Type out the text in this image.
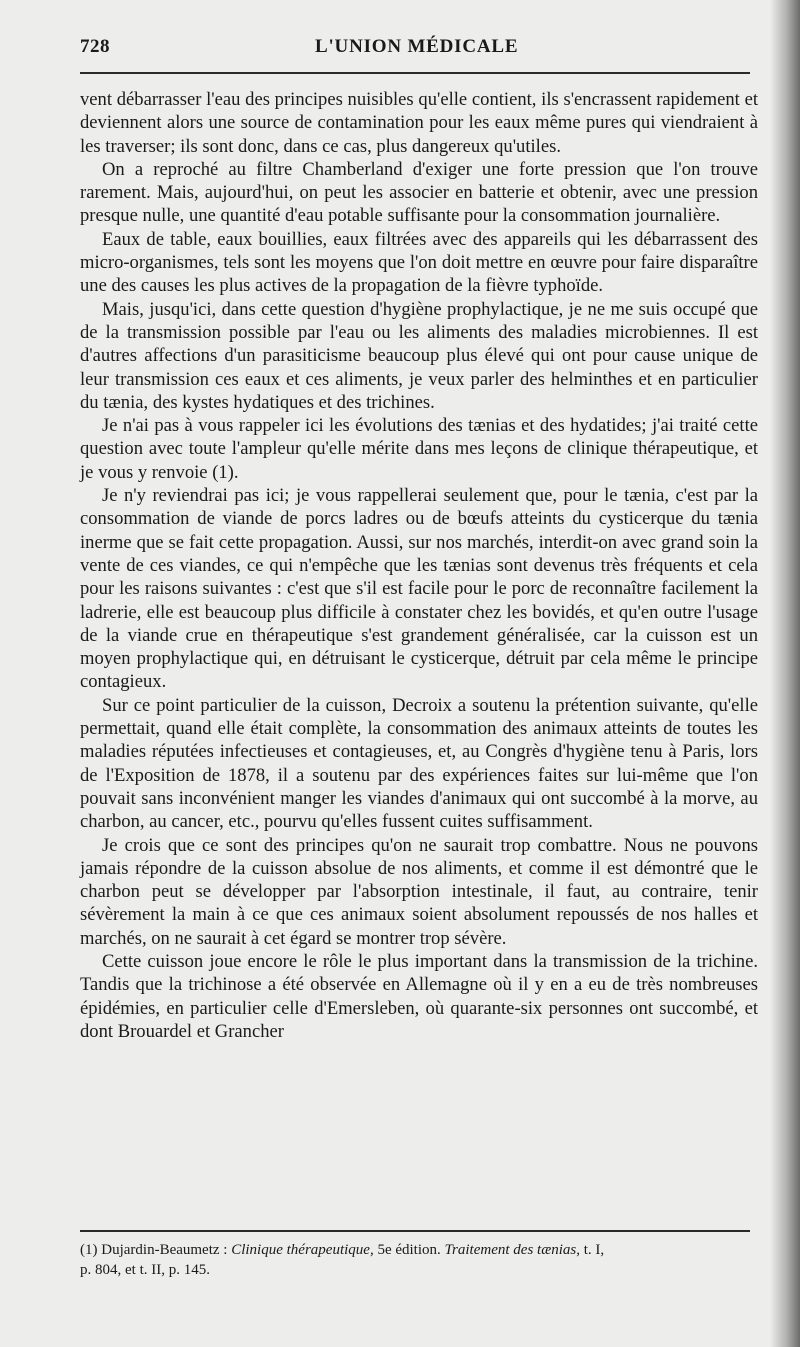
728	L'UNION MÉDICALE

vent débarrasser l'eau des principes nuisibles qu'elle contient, ils s'encrassent rapidement et deviennent alors une source de contamination pour les eaux même pures qui viendraient à les traverser; ils sont donc, dans ce cas, plus dangereux qu'utiles.

On a reproché au filtre Chamberland d'exiger une forte pression que l'on trouve rarement. Mais, aujourd'hui, on peut les associer en batterie et obtenir, avec une pression presque nulle, une quantité d'eau potable suffisante pour la consommation journalière.

Eaux de table, eaux bouillies, eaux filtrées avec des appareils qui les débarrassent des micro-organismes, tels sont les moyens que l'on doit mettre en œuvre pour faire disparaître une des causes les plus actives de la propagation de la fièvre typhoïde.

Mais, jusqu'ici, dans cette question d'hygiène prophylactique, je ne me suis occupé que de la transmission possible par l'eau ou les aliments des maladies microbiennes. Il est d'autres affections d'un parasiticisme beaucoup plus élevé qui ont pour cause unique de leur transmission ces eaux et ces aliments, je veux parler des helminthes et en particulier du tænia, des kystes hydatiques et des trichines.

Je n'ai pas à vous rappeler ici les évolutions des tænias et des hydatides; j'ai traité cette question avec toute l'ampleur qu'elle mérite dans mes leçons de clinique thérapeutique, et je vous y renvoie (1).

Je n'y reviendrai pas ici; je vous rappellerai seulement que, pour le tænia, c'est par la consommation de viande de porcs ladres ou de bœufs atteints du cysticerque du tænia inerme que se fait cette propagation. Aussi, sur nos marchés, interdit-on avec grand soin la vente de ces viandes, ce qui n'empêche que les tænias sont devenus très fréquents et cela pour les raisons suivantes : c'est que s'il est facile pour le porc de reconnaître facilement la ladrerie, elle est beaucoup plus difficile à constater chez les bovidés, et qu'en outre l'usage de la viande crue en thérapeutique s'est grandement généralisée, car la cuisson est un moyen prophylactique qui, en détruisant le cysticerque, détruit par cela même le principe contagieux.

Sur ce point particulier de la cuisson, Decroix a soutenu la prétention suivante, qu'elle permettait, quand elle était complète, la consommation des animaux atteints de toutes les maladies réputées infectieuses et contagieuses, et, au Congrès d'hygiène tenu à Paris, lors de l'Exposition de 1878, il a soutenu par des expériences faites sur lui-même que l'on pouvait sans inconvénient manger les viandes d'animaux qui ont succombé à la morve, au charbon, au cancer, etc., pourvu qu'elles fussent cuites suffisamment.

Je crois que ce sont des principes qu'on ne saurait trop combattre. Nous ne pouvons jamais répondre de la cuisson absolue de nos aliments, et comme il est démontré que le charbon peut se développer par l'absorption intestinale, il faut, au contraire, tenir sévèrement la main à ce que ces animaux soient absolument repoussés de nos halles et marchés, on ne saurait à cet égard se montrer trop sévère.

Cette cuisson joue encore le rôle le plus important dans la transmission de la trichine. Tandis que la trichinose a été observée en Allemagne où il y en a eu de très nombreuses épidémies, en particulier celle d'Emersleben, où quarante-six personnes ont succombé, et dont Brouardel et Grancher

(1) Dujardin-Beaumetz : Clinique thérapeutique, 5e édition. Traitement des tænias, t. I,
p. 804, et t. II, p. 145.
